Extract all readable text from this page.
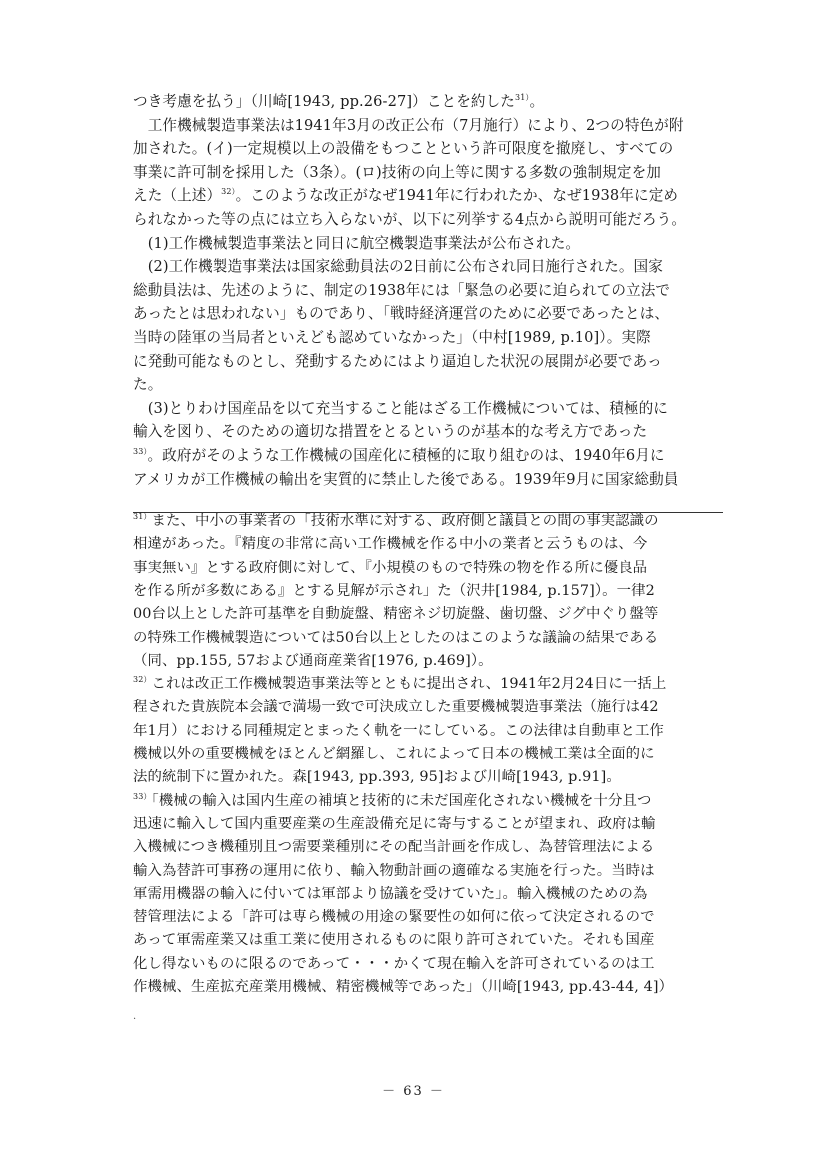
つき考慮を払う」（川崎[1943, pp.26-27]）ことを約した$^{31)}$。
　工作機械製造事業法は1941年3月の改正公布（7月施行）により、2つの特色が附
加された。(イ)一定規模以上の設備をもつことという許可限度を撤廃し、すべての
事業に許可制を採用した（3条）。(ロ)技術の向上等に関する多数の強制規定を加
えた（上述）$^{32)}$。このような改正がなぜ1941年に行われたか、なぜ1938年に定め
られなかった等の点には立ち入らないが、以下に列挙する4点から説明可能だろう。
　(1)工作機械製造事業法と同日に航空機製造事業法が公布された。
　(2)工作機製造事業法は国家総動員法の2日前に公布され同日施行された。国家
総動員法は、先述のように、制定の1938年には「緊急の必要に迫られての立法で
あったとは思われない」ものであり、「戦時経済運営のために必要であったとは、
当時の陸軍の当局者といえども認めていなかった」（中村[1989, p.10]）。実際
に発動可能なものとし、発動するためにはより逼迫した状況の展開が必要であっ
た。
　(3)とりわけ国産品を以て充当すること能はざる工作機械については、積極的に
輸入を図り、そのための適切な措置をとるというのが基本的な考え方であった
$^{33)}$。政府がそのような工作機械の国産化に積極的に取り組むのは、1940年6月に
アメリカが工作機械の輸出を実質的に禁止した後である。1939年9月に国家総動員
$^{31)}$また、中小の事業者の「技術水準に対する、政府側と議員との間の事実認識の
相違があった。『精度の非常に高い工作機械を作る中小の業者と云うものは、今
事実無い』とする政府側に対して、『小規模のもので特殊の物を作る所に優良品
を作る所が多数にある』とする見解が示され」た（沢井[1984, p.157]）。一律2
00台以上とした許可基準を自動旋盤、精密ネジ切旋盤、歯切盤、ジグ中ぐり盤等
の特殊工作機械製造については50台以上としたのはこのような議論の結果である
（同、pp.155, 57および通商産業省[1976, p.469]）。
$^{32)}$これは改正工作機械製造事業法等とともに提出され、1941年2月24日に一括上
程された貴族院本会議で満場一致で可決成立した重要機械製造事業法（施行は42
年1月）における同種規定とまったく軌を一にしている。この法律は自動車と工作
機械以外の重要機械をほとんど網羅し、これによって日本の機械工業は全面的に
法的統制下に置かれた。森[1943, pp.393, 95]および川崎[1943, p.91]。
$^{33)}$「機械の輸入は国内生産の補填と技術的に未だ国産化されない機械を十分且つ
迅速に輸入して国内重要産業の生産設備充足に寄与することが望まれ、政府は輸
入機械につき機種別且つ需要業種別にその配当計画を作成し、為替管理法による
輸入為替許可事務の運用に依り、輸入物動計画の適確なる実施を行った。当時は
軍需用機器の輸入に付いては軍部より協議を受けていた」。輸入機械のための為
替管理法による「許可は専ら機械の用途の緊要性の如何に依って決定されるので
あって軍需産業又は重工業に使用されるものに限り許可されていた。それも国産
化し得ないものに限るのであって・・・かくて現在輸入を許可されているのは工
作機械、生産拡充産業用機械、精密機械等であった」（川崎[1943, pp.43-44, 4]）
·
－ 63 －
